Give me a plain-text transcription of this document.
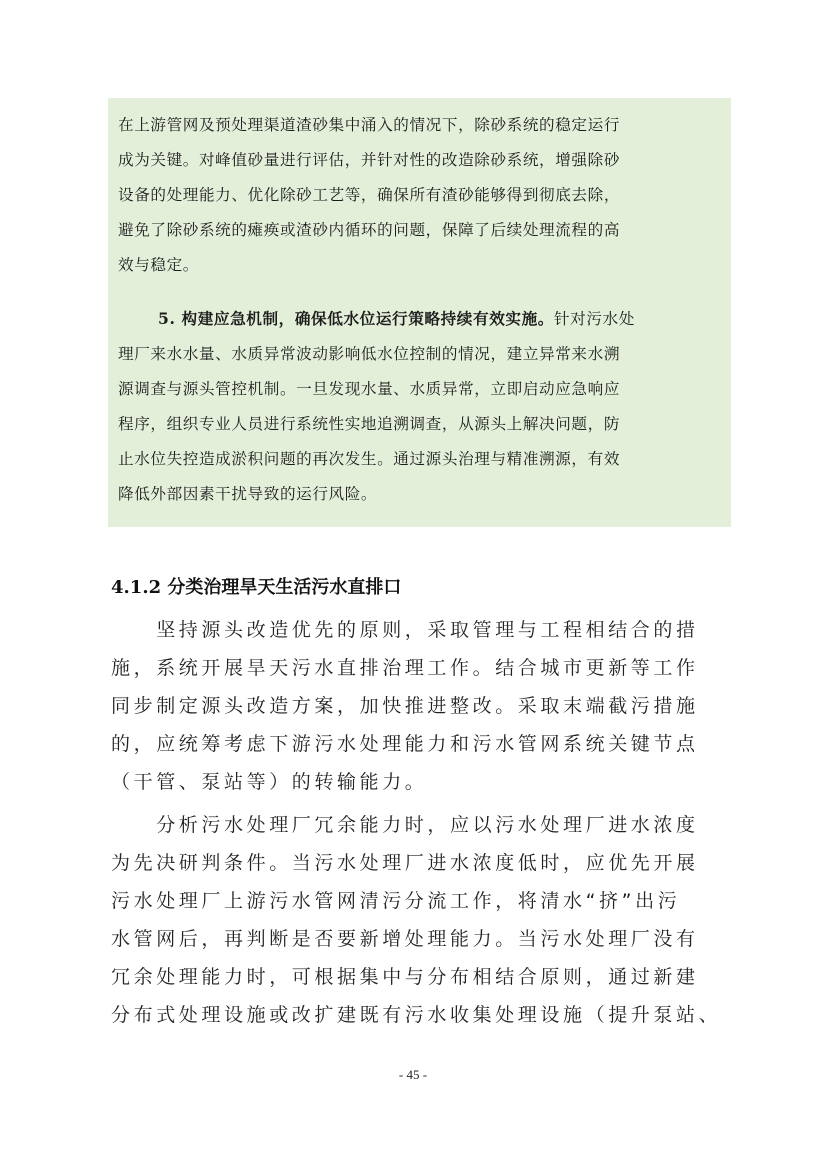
在上游管网及预处理渠道渣砂集中涌入的情况下，除砂系统的稳定运行
成为关键。对峰值砂量进行评估，并针对性的改造除砂系统，增强除砂
设备的处理能力、优化除砂工艺等，确保所有渣砂能够得到彻底去除，
避免了除砂系统的瘫痪或渣砂内循环的问题，保障了后续处理流程的高
效与稳定。
5. 构建应急机制，确保低水位运行策略持续有效实施。针对污水处
理厂来水水量、水质异常波动影响低水位控制的情况，建立异常来水溯
源调查与源头管控机制。一旦发现水量、水质异常，立即启动应急响应
程序，组织专业人员进行系统性实地追溯调查，从源头上解决问题，防
止水位失控造成淤积问题的再次发生。通过源头治理与精准溯源，有效
降低外部因素干扰导致的运行风险。
4.1.2 分类治理旱天生活污水直排口
　　坚持源头改造优先的原则，采取管理与工程相结合的措
施，系统开展旱天污水直排治理工作。结合城市更新等工作
同步制定源头改造方案，加快推进整改。采取末端截污措施
的，应统筹考虑下游污水处理能力和污水管网系统关键节点
（干管、泵站等）的转输能力。
　　分析污水处理厂冗余能力时，应以污水处理厂进水浓度
为先决研判条件。当污水处理厂进水浓度低时，应优先开展
污水处理厂上游污水管网清污分流工作，将清水“挤”出污
水管网后，再判断是否要新增处理能力。当污水处理厂没有
冗余处理能力时，可根据集中与分布相结合原则，通过新建
分布式处理设施或改扩建既有污水收集处理设施（提升泵站、
- 45 -
